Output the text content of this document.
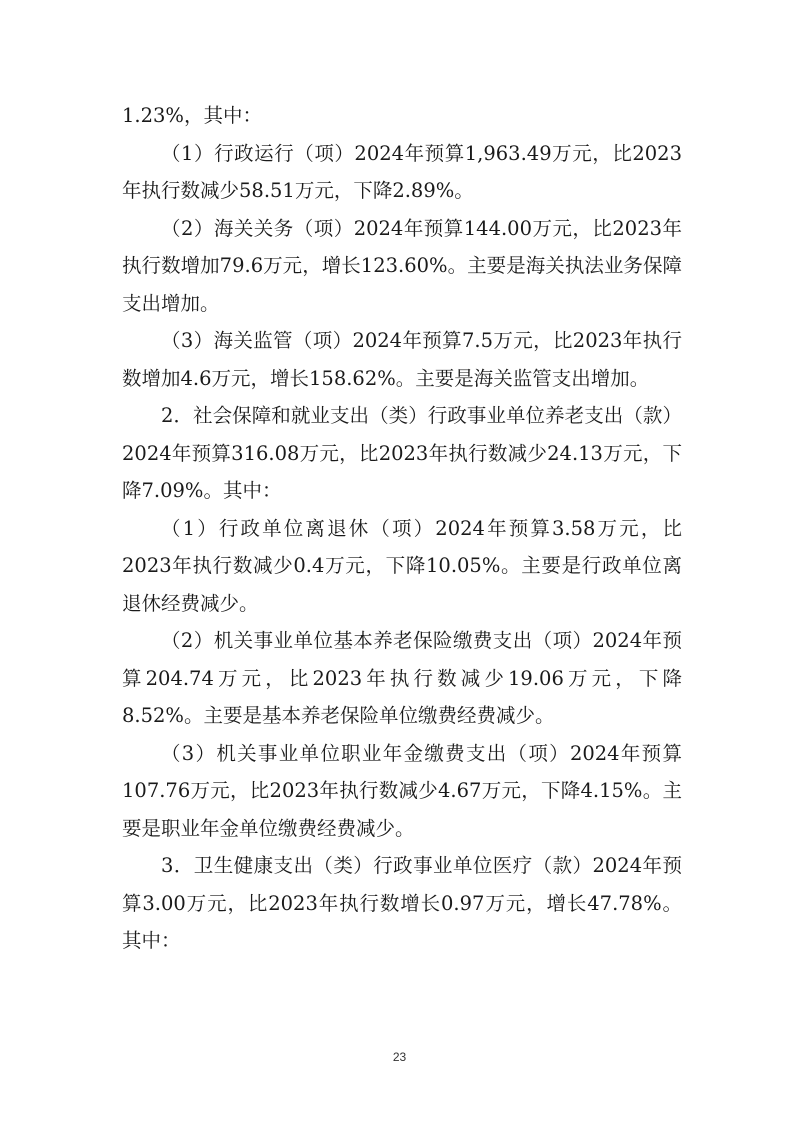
1.23%，其中：

（1）行政运行（项）2024年预算1,963.49万元，比2023年执行数减少58.51万元，下降2.89%。

（2）海关关务（项）2024年预算144.00万元，比2023年执行数增加79.6万元，增长123.60%。主要是海关执法业务保障支出增加。

（3）海关监管（项）2024年预算7.5万元，比2023年执行数增加4.6万元，增长158.62%。主要是海关监管支出增加。

2．社会保障和就业支出（类）行政事业单位养老支出（款）2024年预算316.08万元，比2023年执行数减少24.13万元，下降7.09%。其中：

（1）行政单位离退休（项）2024年预算3.58万元，比2023年执行数减少0.4万元，下降10.05%。主要是行政单位离退休经费减少。

（2）机关事业单位基本养老保险缴费支出（项）2024年预算204.74万元，比2023年执行数减少19.06万元，下降8.52%。主要是基本养老保险单位缴费经费减少。

（3）机关事业单位职业年金缴费支出（项）2024年预算107.76万元，比2023年执行数减少4.67万元，下降4.15%。主要是职业年金单位缴费经费减少。

3．卫生健康支出（类）行政事业单位医疗（款）2024年预算3.00万元，比2023年执行数增长0.97万元，增长47.78%。其中：

23
